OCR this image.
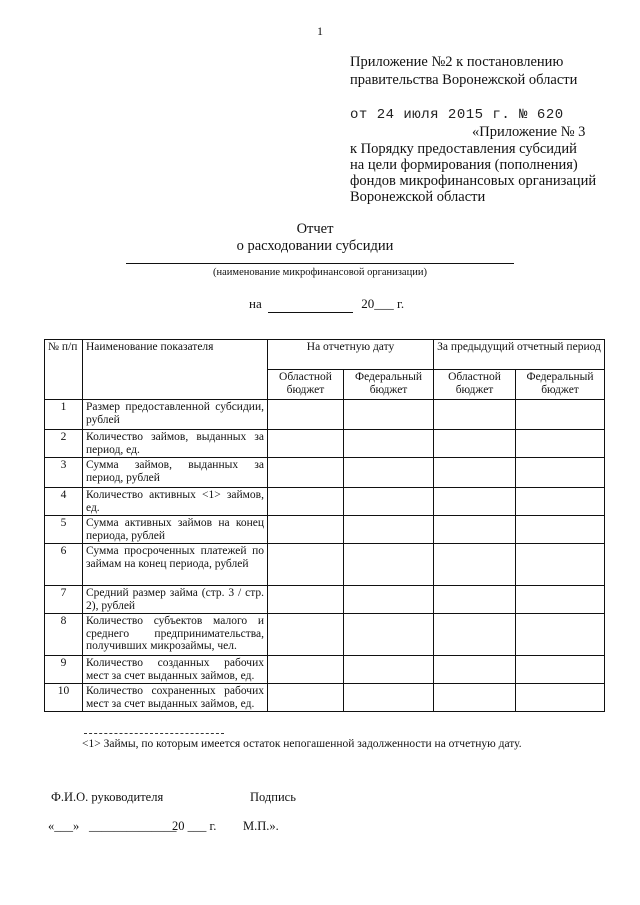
1
Приложение №2 к постановлению
правительства Воронежской области
от 24 июля 2015 г. № 620
«Приложение № 3
к Порядку предоставления субсидий
на цели формирования (пополнения)
фондов микрофинансовых организаций
Воронежской области
Отчет
о расходовании субсидии
(наименование микрофинансовой организации)
на	20___ г.
№ п/п	Наименование показателя	На отчетную дату		За предыдущий отчетный период	
		Областной бюджет	Федеральный бюджет	Областной бюджет	Федеральный бюджет
1	Размер предоставленной субсидии, рублей				
2	Количество займов, выданных за период, ед.				
3	Сумма займов, выданных за период, рублей				
4	Количество активных <1> займов, ед.				
5	Сумма активных займов на конец периода, рублей				
6	Сумма просроченных платежей по займам на конец периода, рублей				
7	Средний размер займа (стр. 3 / стр. 2), рублей				
8	Количество субъектов малого и среднего предпринимательства, получивших микрозаймы, чел.				
9	Количество созданных рабочих мест за счет выданных займов, ед.				
10	Количество сохраненных рабочих мест за счет выданных займов, ед.				
<1> Займы, по которым имеется остаток непогашенной задолженности на отчетную дату.
Ф.И.О. руководителя	Подпись
«___» ______________
20 ___ г. М.П.».
